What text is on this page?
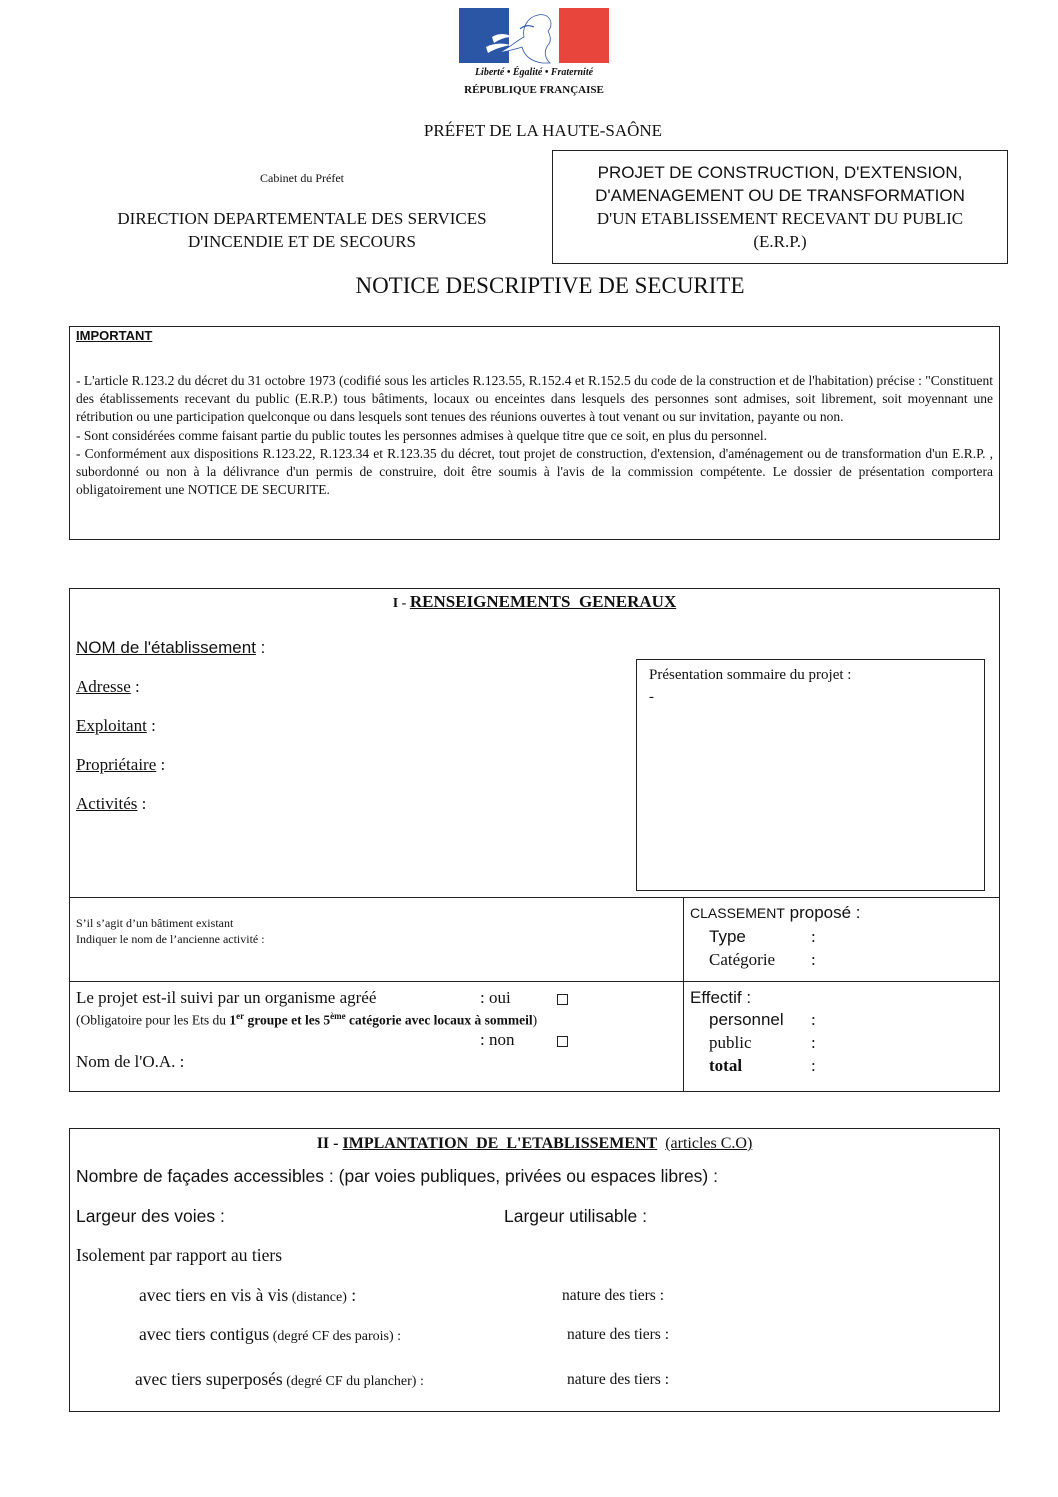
Liberté • Égalité • Fraternité
RÉPUBLIQUE FRANÇAISE
PRÉFET DE LA HAUTE-SAÔNE
Cabinet du Préfet
DIRECTION DEPARTEMENTALE DES SERVICES
D'INCENDIE ET DE SECOURS
PROJET DE CONSTRUCTION, D'EXTENSION,
D'AMENAGEMENT OU DE TRANSFORMATION
D'UN ETABLISSEMENT RECEVANT DU PUBLIC
(E.R.P.)
NOTICE DESCRIPTIVE DE SECURITE
IMPORTANT
- L'article R.123.2 du décret du 31 octobre 1973 (codifié sous les articles R.123.55, R.152.4 et R.152.5 du code de la construction et de l'habitation) précise : "Constituent des établissements recevant du public (E.R.P.) tous bâtiments, locaux ou enceintes dans lesquels des personnes sont admises, soit librement, soit moyennant une rétribution ou une participation quelconque ou dans lesquels sont tenues des réunions ouvertes à tout venant ou sur invitation, payante ou non.
- Sont considérées comme faisant partie du public toutes les personnes admises à quelque titre que ce soit, en plus du personnel.
- Conformément aux dispositions R.123.22, R.123.34 et R.123.35 du décret, tout projet de construction, d'extension, d'aménagement ou de transformation d'un E.R.P. , subordonné ou non à la délivrance d'un permis de construire, doit être soumis à l'avis de la commission compétente. Le dossier de présentation comportera obligatoirement une NOTICE DE SECURITE.
I - RENSEIGNEMENTS  GENERAUX
NOM de l'établissement :
Adresse :
Exploitant :
Propriétaire :
Activités :
Présentation sommaire du projet :
-
S’il s’agit d’un bâtiment existant
Indiquer le nom de l’ancienne activité :
CLASSEMENT proposé :
Type	:
Catégorie :
Le projet est-il suivi par un organisme agréé	: oui
(Obligatoire pour les Ets du 1er groupe et les 5ème catégorie avec locaux à sommeil)
: non
Nom de l'O.A. :
Effectif :
personnel :
public	:
total	:
II - IMPLANTATION  DE  L'ETABLISSEMENT (articles C.O)
Nombre de façades accessibles : (par voies publiques, privées ou espaces libres) :
Largeur des voies :	Largeur utilisable :
Isolement par rapport au tiers
avec tiers en vis à vis (distance) :	nature des tiers :
avec tiers contigus (degré CF des parois) :	nature des tiers :
avec tiers superposés (degré CF du plancher) :	nature des tiers :
